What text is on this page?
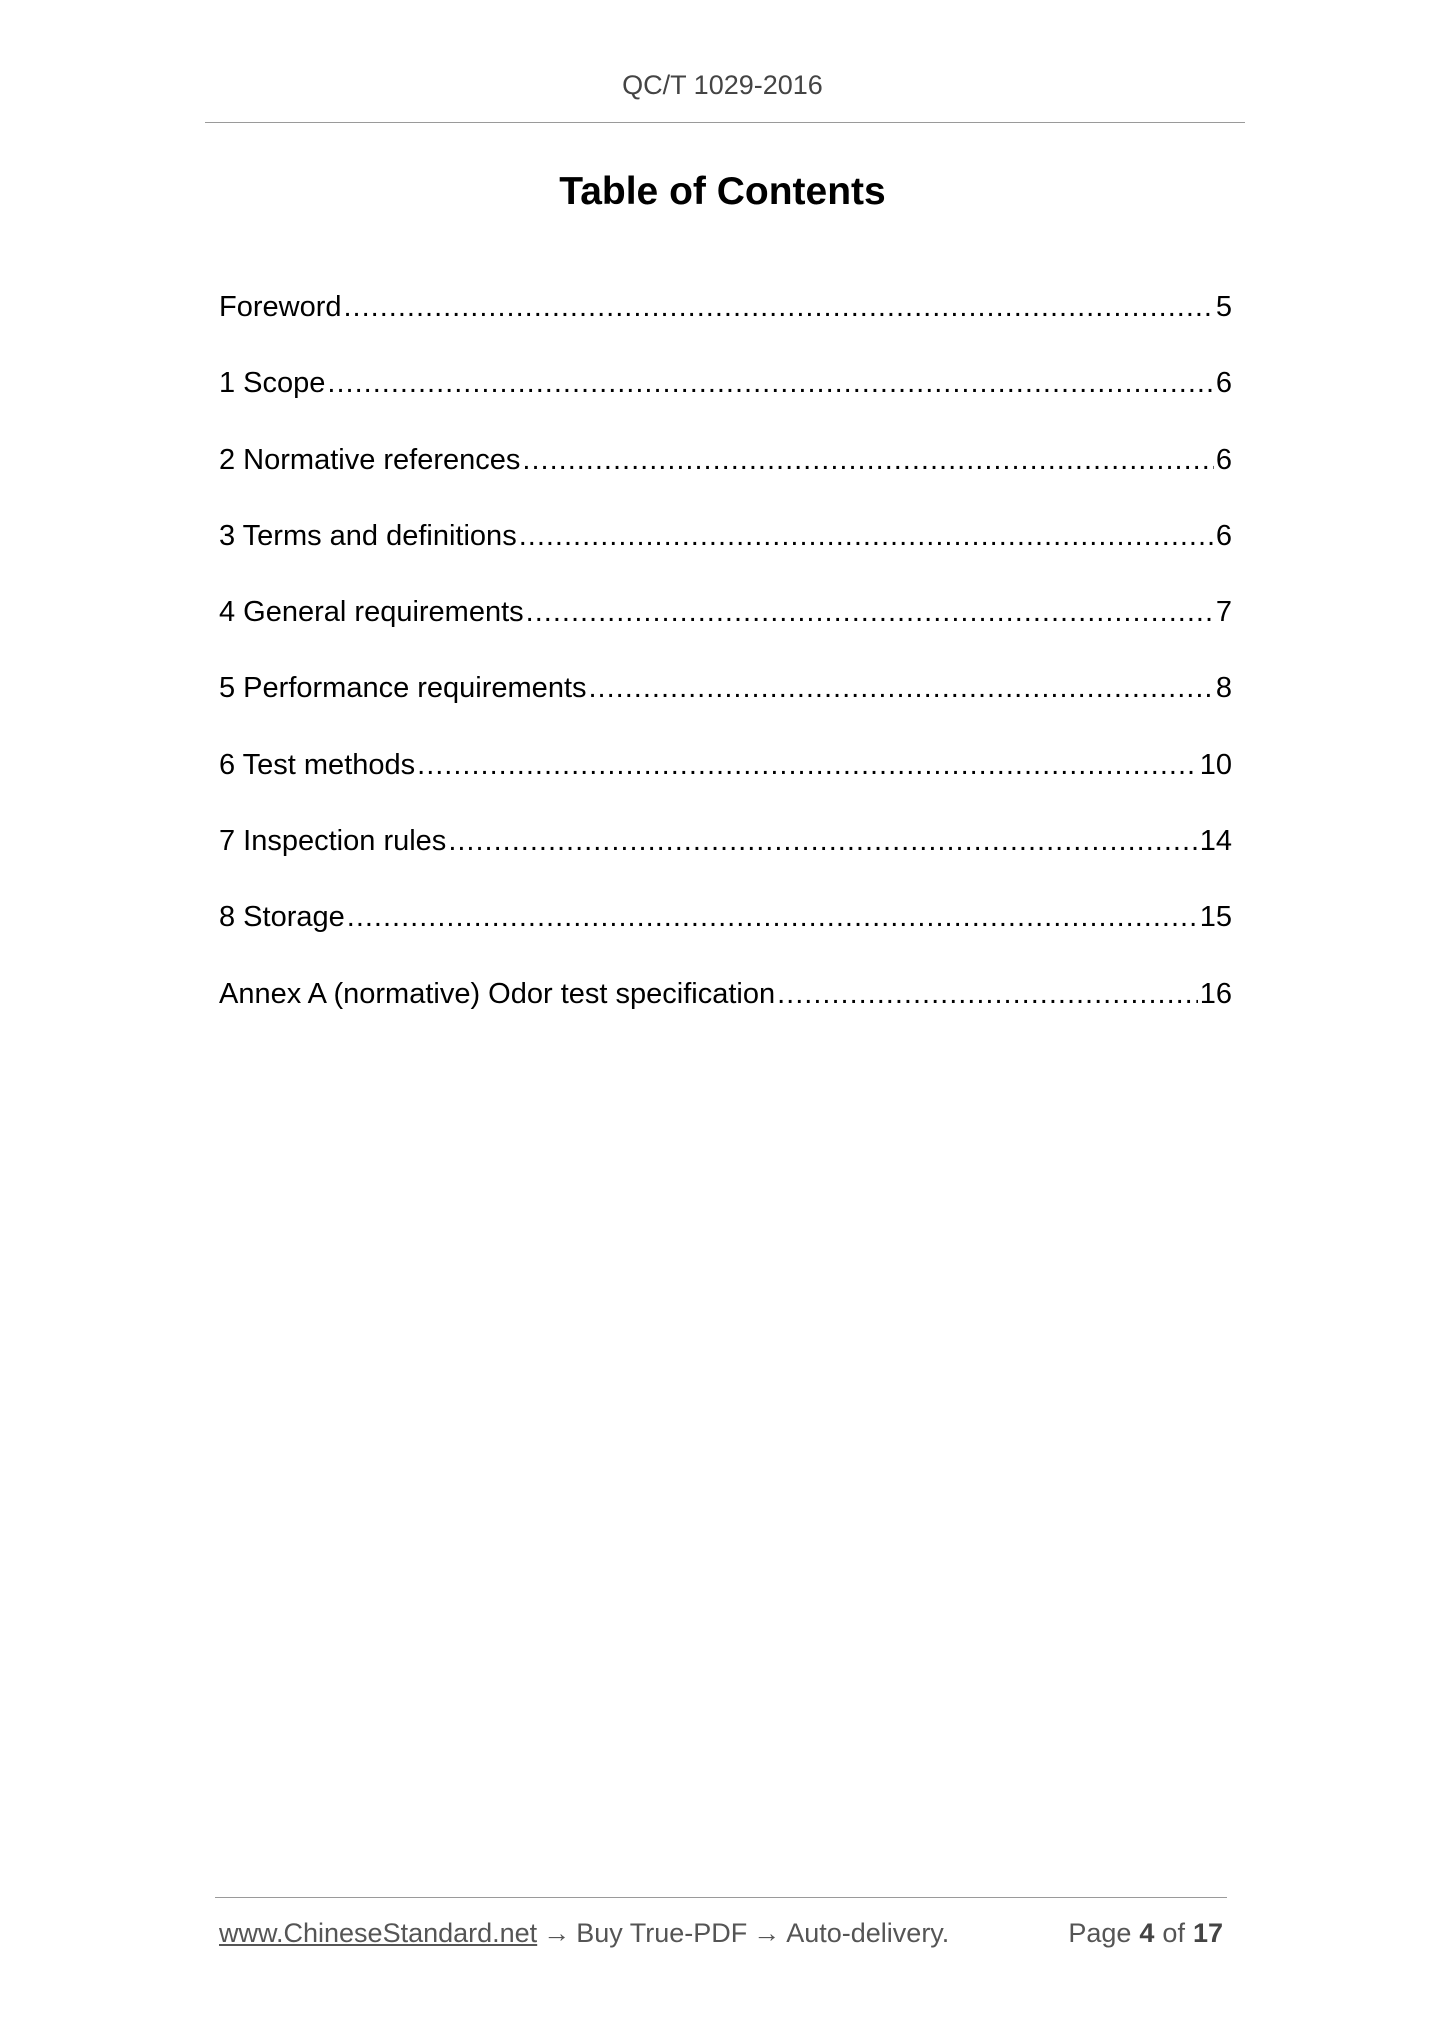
QC/T 1029-2016
Table of Contents
Foreword .....	5
1 Scope .....	6
2 Normative references .....	6
3 Terms and definitions .....	6
4 General requirements .....	7
5 Performance requirements .....	8
6 Test methods .....	10
7 Inspection rules .....	14
8 Storage .....	15
Annex A (normative) Odor test specification .....	16
www.ChineseStandard.net → Buy True-PDF → Auto-delivery.	Page 4 of 17
